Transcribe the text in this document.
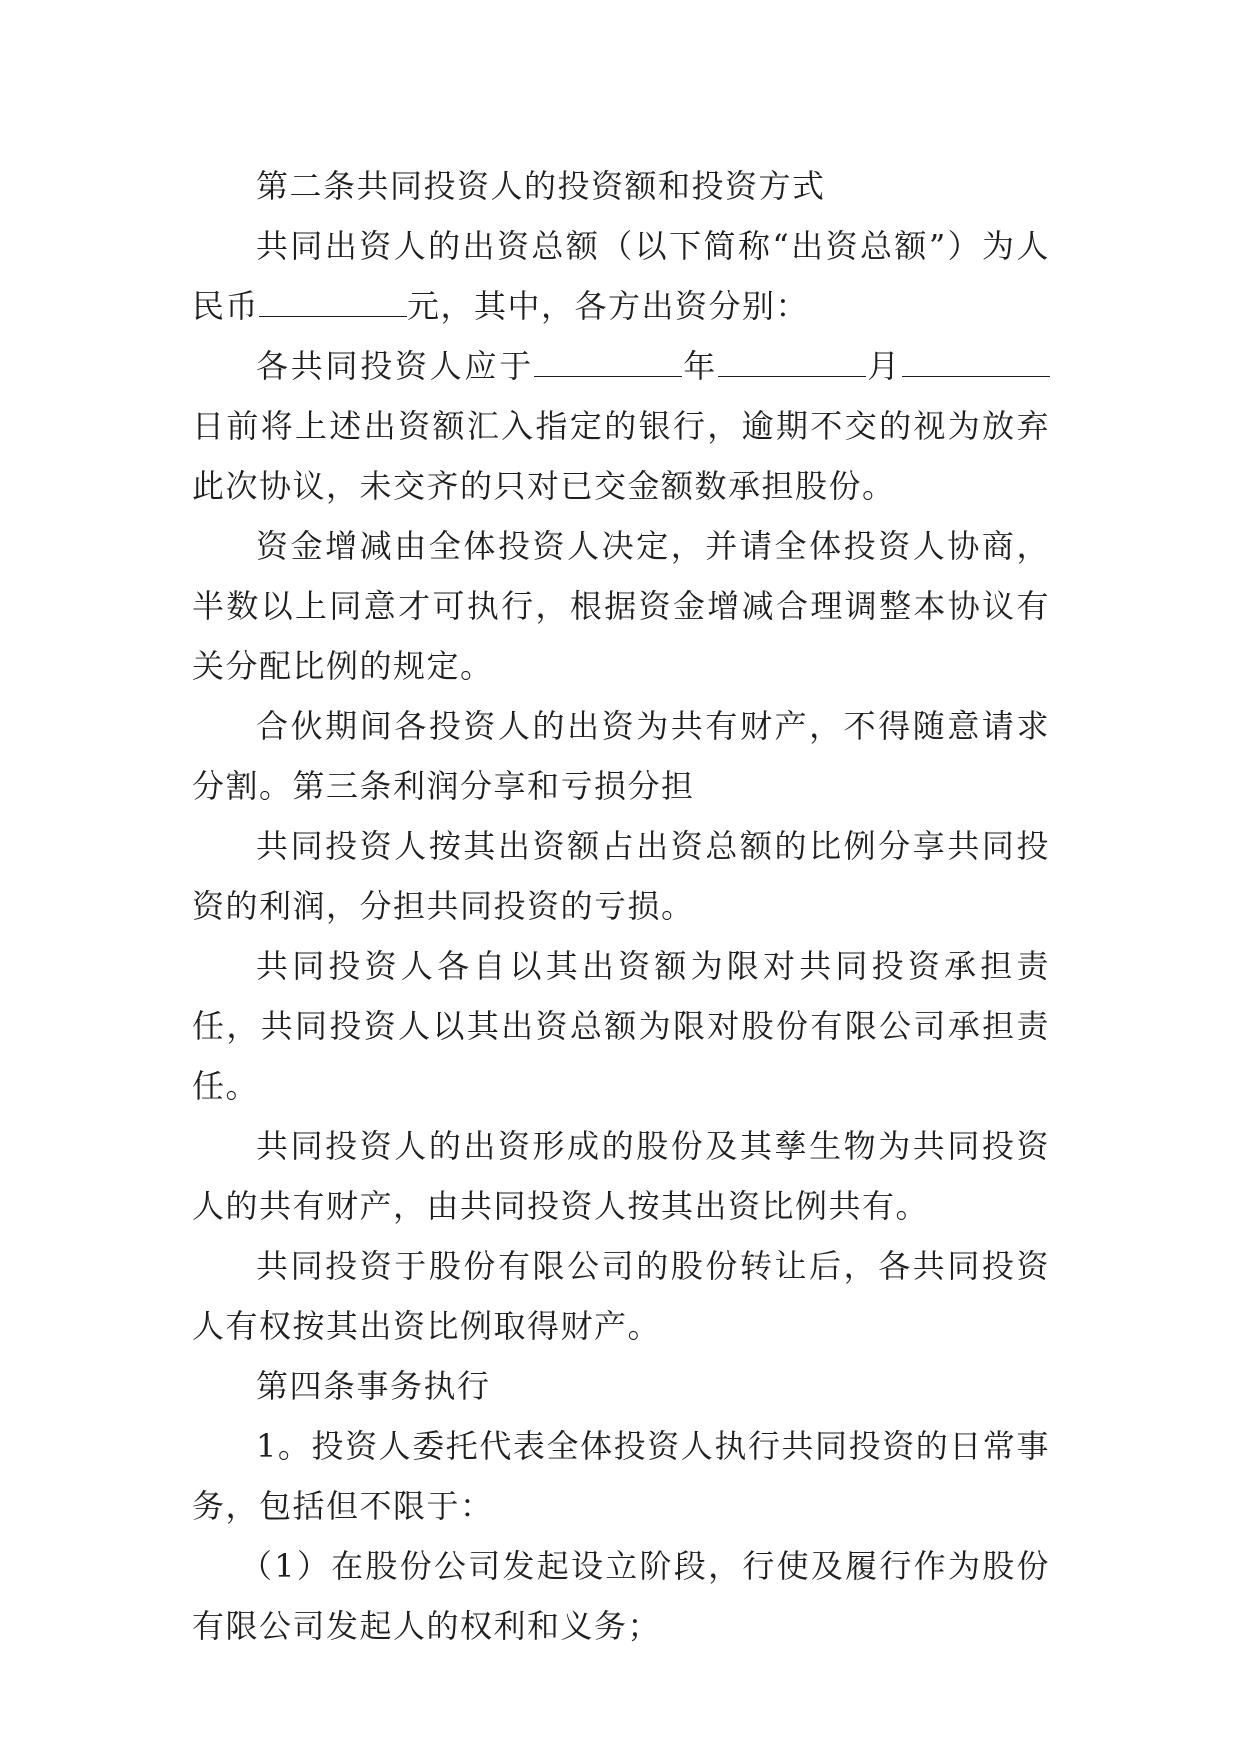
第二条共同投资人的投资额和投资方式

共同出资人的出资总额（以下简称“出资总额”）为人民币	元，其中，各方出资分别：

各共同投资人应于	年	月日前将上述出资额汇入指定的银行，逾期不交的视为放弃此次协议，未交齐的只对已交金额数承担股份。

资金增减由全体投资人决定，并请全体投资人协商，半数以上同意才可执行，根据资金增减合理调整本协议有关分配比例的规定。

合伙期间各投资人的出资为共有财产，不得随意请求分割。第三条利润分享和亏损分担

共同投资人按其出资额占出资总额的比例分享共同投资的利润，分担共同投资的亏损。

共同投资人各自以其出资额为限对共同投资承担责任，共同投资人以其出资总额为限对股份有限公司承担责任。

共同投资人的出资形成的股份及其孳生物为共同投资人的共有财产，由共同投资人按其出资比例共有。

共同投资于股份有限公司的股份转让后，各共同投资人有权按其出资比例取得财产。

第四条事务执行

1。投资人委托代表全体投资人执行共同投资的日常事务，包括但不限于：

（1）在股份公司发起设立阶段，行使及履行作为股份有限公司发起人的权利和义务；
